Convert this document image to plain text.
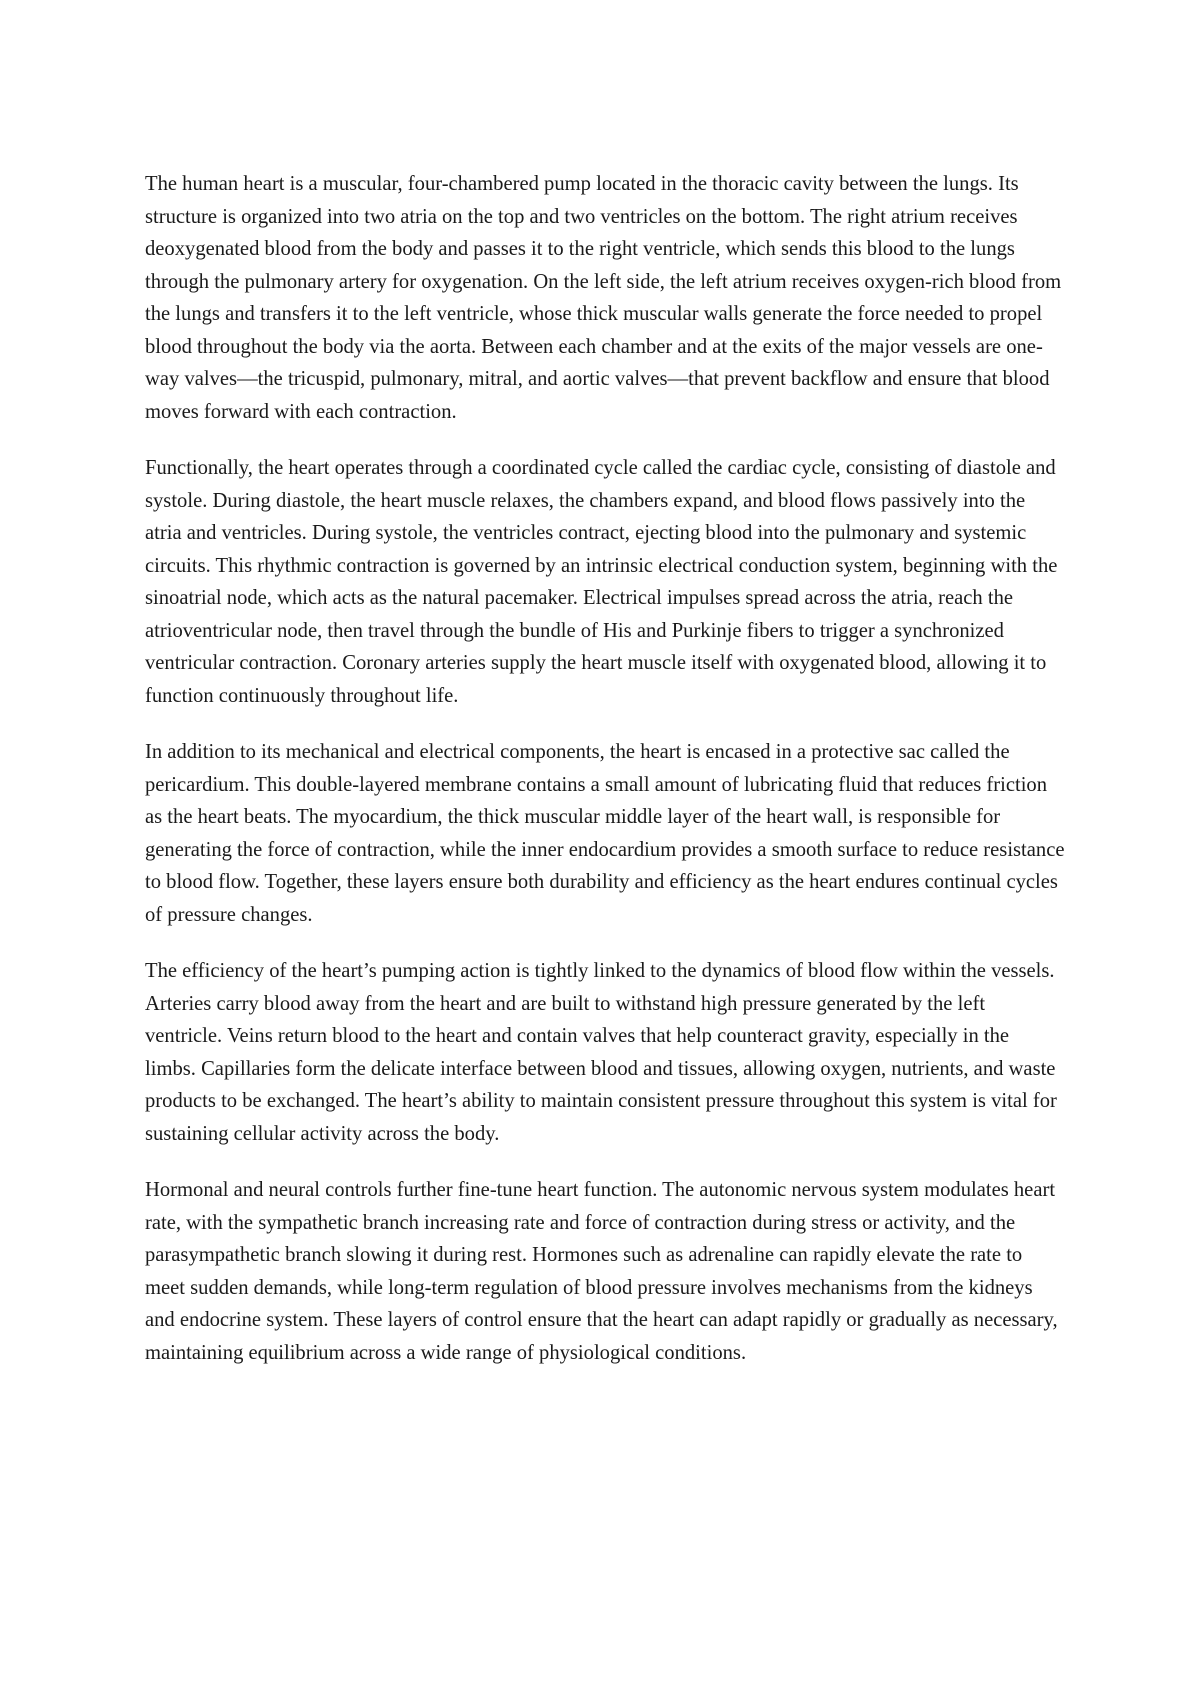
The human heart is a muscular, four-chambered pump located in the thoracic cavity between the lungs. Its structure is organized into two atria on the top and two ventricles on the bottom. The right atrium receives deoxygenated blood from the body and passes it to the right ventricle, which sends this blood to the lungs through the pulmonary artery for oxygenation. On the left side, the left atrium receives oxygen-rich blood from the lungs and transfers it to the left ventricle, whose thick muscular walls generate the force needed to propel blood throughout the body via the aorta. Between each chamber and at the exits of the major vessels are one-way valves—the tricuspid, pulmonary, mitral, and aortic valves—that prevent backflow and ensure that blood moves forward with each contraction.

Functionally, the heart operates through a coordinated cycle called the cardiac cycle, consisting of diastole and systole. During diastole, the heart muscle relaxes, the chambers expand, and blood flows passively into the atria and ventricles. During systole, the ventricles contract, ejecting blood into the pulmonary and systemic circuits. This rhythmic contraction is governed by an intrinsic electrical conduction system, beginning with the sinoatrial node, which acts as the natural pacemaker. Electrical impulses spread across the atria, reach the atrioventricular node, then travel through the bundle of His and Purkinje fibers to trigger a synchronized ventricular contraction. Coronary arteries supply the heart muscle itself with oxygenated blood, allowing it to function continuously throughout life.

In addition to its mechanical and electrical components, the heart is encased in a protective sac called the pericardium. This double-layered membrane contains a small amount of lubricating fluid that reduces friction as the heart beats. The myocardium, the thick muscular middle layer of the heart wall, is responsible for generating the force of contraction, while the inner endocardium provides a smooth surface to reduce resistance to blood flow. Together, these layers ensure both durability and efficiency as the heart endures continual cycles of pressure changes.

The efficiency of the heart’s pumping action is tightly linked to the dynamics of blood flow within the vessels. Arteries carry blood away from the heart and are built to withstand high pressure generated by the left ventricle. Veins return blood to the heart and contain valves that help counteract gravity, especially in the limbs. Capillaries form the delicate interface between blood and tissues, allowing oxygen, nutrients, and waste products to be exchanged. The heart’s ability to maintain consistent pressure throughout this system is vital for sustaining cellular activity across the body.

Hormonal and neural controls further fine-tune heart function. The autonomic nervous system modulates heart rate, with the sympathetic branch increasing rate and force of contraction during stress or activity, and the parasympathetic branch slowing it during rest. Hormones such as adrenaline can rapidly elevate the rate to meet sudden demands, while long-term regulation of blood pressure involves mechanisms from the kidneys and endocrine system. These layers of control ensure that the heart can adapt rapidly or gradually as necessary, maintaining equilibrium across a wide range of physiological conditions.
